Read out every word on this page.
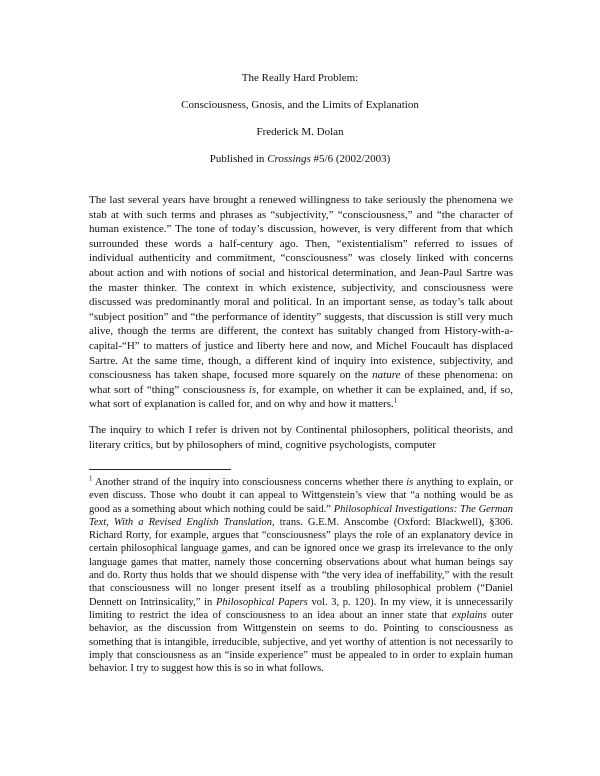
The Really Hard Problem:
Consciousness, Gnosis, and the Limits of Explanation
Frederick M. Dolan
Published in Crossings #5/6 (2002/2003)
The last several years have brought a renewed willingness to take seriously the phenomena we stab at with such terms and phrases as “subjectivity,” “consciousness,” and “the character of human existence.” The tone of today’s discussion, however, is very different from that which surrounded these words a half-century ago. Then, “existentialism” referred to issues of individual authenticity and commitment, “consciousness” was closely linked with concerns about action and with notions of social and historical determination, and Jean-Paul Sartre was the master thinker. The context in which existence, subjectivity, and consciousness were discussed was predominantly moral and political. In an important sense, as today’s talk about “subject position” and “the performance of identity” suggests, that discussion is still very much alive, though the terms are different, the context has suitably changed from History-with-a-capital-“H” to matters of justice and liberty here and now, and Michel Foucault has displaced Sartre. At the same time, though, a different kind of inquiry into existence, subjectivity, and consciousness has taken shape, focused more squarely on the nature of these phenomena: on what sort of “thing” consciousness is, for example, on whether it can be explained, and, if so, what sort of explanation is called for, and on why and how it matters.$^1$
The inquiry to which I refer is driven not by Continental philosophers, political theorists, and literary critics, but by philosophers of mind, cognitive psychologists, computer
$^1$ Another strand of the inquiry into consciousness concerns whether there is anything to explain, or even discuss. Those who doubt it can appeal to Wittgenstein’s view that “a nothing would be as good as a something about which nothing could be said.” Philosophical Investigations: The German Text, With a Revised English Translation, trans. G.E.M. Anscombe (Oxford: Blackwell), §306. Richard Rorty, for example, argues that “consciousness” plays the role of an explanatory device in certain philosophical language games, and can be ignored once we grasp its irrelevance to the only language games that matter, namely those concerning observations about what human beings say and do. Rorty thus holds that we should dispense with “the very idea of ineffability,” with the result that consciousness will no longer present itself as a troubling philosophical problem (“Daniel Dennett on Intrinsicality,” in Philosophical Papers vol. 3, p. 120). In my view, it is unnecessarily limiting to restrict the idea of consciousness to an idea about an inner state that explains outer behavior, as the discussion from Wittgenstein on seems to do. Pointing to consciousness as something that is intangible, irreducible, subjective, and yet worthy of attention is not necessarily to imply that consciousness as an “inside experience” must be appealed to in order to explain human behavior. I try to suggest how this is so in what follows.
